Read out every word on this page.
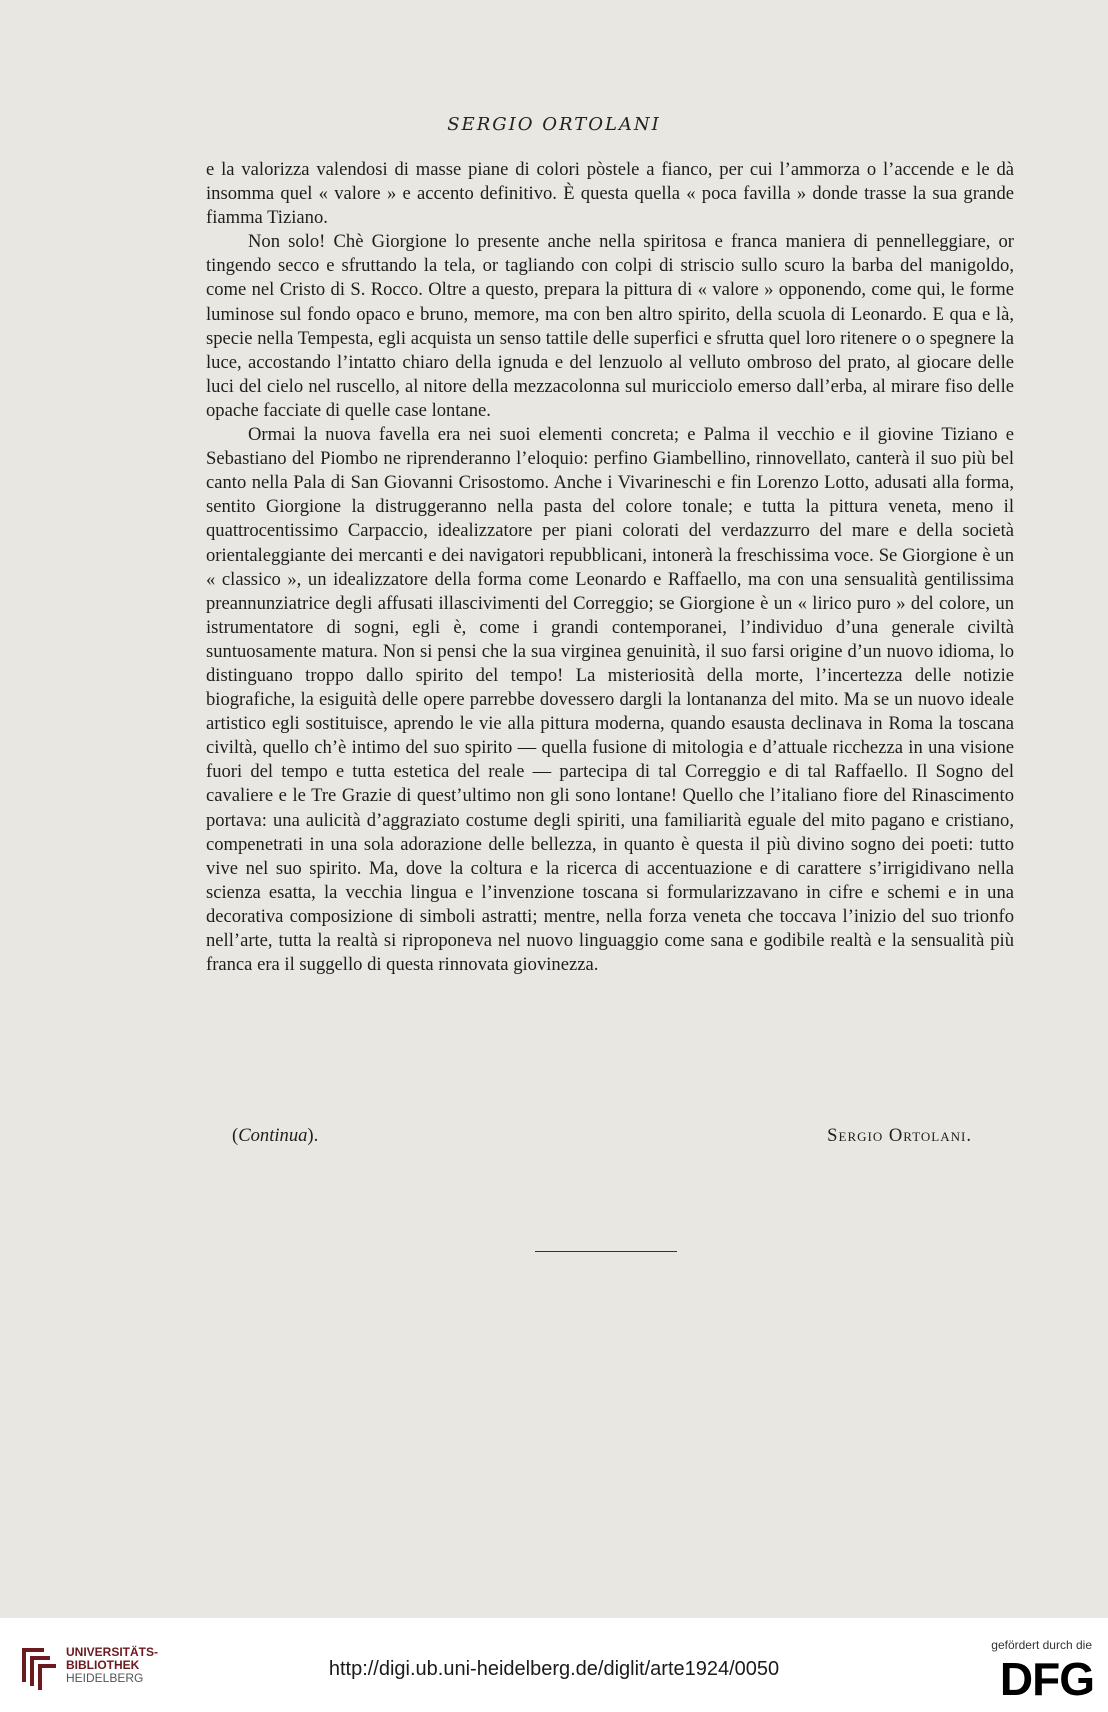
SERGIO ORTOLANI

e la valorizza valendosi di masse piane di colori pòstele a fianco, per cui l’ammorza o l’accende e le dà insomma quel « valore » e accento definitivo. È questa quella « poca favilla » donde trasse la sua grande fiamma Tiziano.

Non solo! Chè Giorgione lo presente anche nella spiritosa e franca maniera di pennelleggiare, or tingendo secco e sfruttando la tela, or tagliando con colpi di striscio sullo scuro la barba del manigoldo, come nel Cristo di S. Rocco. Oltre a questo, prepara la pittura di « valore » opponendo, come qui, le forme luminose sul fondo opaco e bruno, memore, ma con ben altro spirito, della scuola di Leonardo. E qua e là, specie nella Tempesta, egli acquista un senso tattile delle superfici e sfrutta quel loro ritenere o o spegnere la luce, accostando l’intatto chiaro della ignuda e del lenzuolo al velluto ombroso del prato, al giocare delle luci del cielo nel ruscello, al nitore della mezzacolonna sul muricciolo emerso dall’erba, al mirare fiso delle opache facciate di quelle case lontane.

Ormai la nuova favella era nei suoi elementi concreta; e Palma il vecchio e il giovine Tiziano e Sebastiano del Piombo ne riprenderanno l’eloquio: perfino Giambellino, rinnovellato, canterà il suo più bel canto nella Pala di San Giovanni Crisostomo. Anche i Vivarineschi e fin Lorenzo Lotto, adusati alla forma, sentito Giorgione la distruggeranno nella pasta del colore tonale; e tutta la pittura veneta, meno il quattrocentissimo Carpaccio, idealizzatore per piani colorati del verdazzurro del mare e della società orientaleggiante dei mercanti e dei navigatori repubblicani, intonerà la freschissima voce. Se Giorgione è un « classico », un idealizzatore della forma come Leonardo e Raffaello, ma con una sensualità gentilissima preannunziatrice degli affusati illascivimenti del Correggio; se Giorgione è un « lirico puro » del colore, un istrumentatore di sogni, egli è, come i grandi contemporanei, l’individuo d’una generale civiltà suntuosamente matura. Non si pensi che la sua virginea genuinità, il suo farsi origine d’un nuovo idioma, lo distinguano troppo dallo spirito del tempo! La misteriosità della morte, l’incertezza delle notizie biografiche, la esiguità delle opere parrebbe dovessero dargli la lontananza del mito. Ma se un nuovo ideale artistico egli sostituisce, aprendo le vie alla pittura moderna, quando esausta declinava in Roma la toscana civiltà, quello ch’è intimo del suo spirito — quella fusione di mitologia e d’attuale ricchezza in una visione fuori del tempo e tutta estetica del reale — partecipa di tal Correggio e di tal Raffaello. Il Sogno del cavaliere e le Tre Grazie di quest’ultimo non gli sono lontane! Quello che l’italiano fiore del Rinascimento portava: una aulicità d’aggraziato costume degli spiriti, una familiarità eguale del mito pagano e cristiano, compenetrati in una sola adorazione delle bellezza, in quanto è questa il più divino sogno dei poeti: tutto vive nel suo spirito. Ma, dove la coltura e la ricerca di accentuazione e di carattere s’irrigidivano nella scienza esatta, la vecchia lingua e l’invenzione toscana si formularizzavano in cifre e schemi e in una decorativa composizione di simboli astratti; mentre, nella forza veneta che toccava l’inizio del suo trionfo nell’arte, tutta la realtà si riproponeva nel nuovo linguaggio come sana e godibile realtà e la sensualità più franca era il suggello di questa rinnovata giovinezza.

(Continua).	Sergio Ortolani.
UNIVERSITÄTS-
BIBLIOTHEK
HEIDELBERG	http://digi.ub.uni-heidelberg.de/diglit/arte1924/0050
gefördert durch die
DFG
